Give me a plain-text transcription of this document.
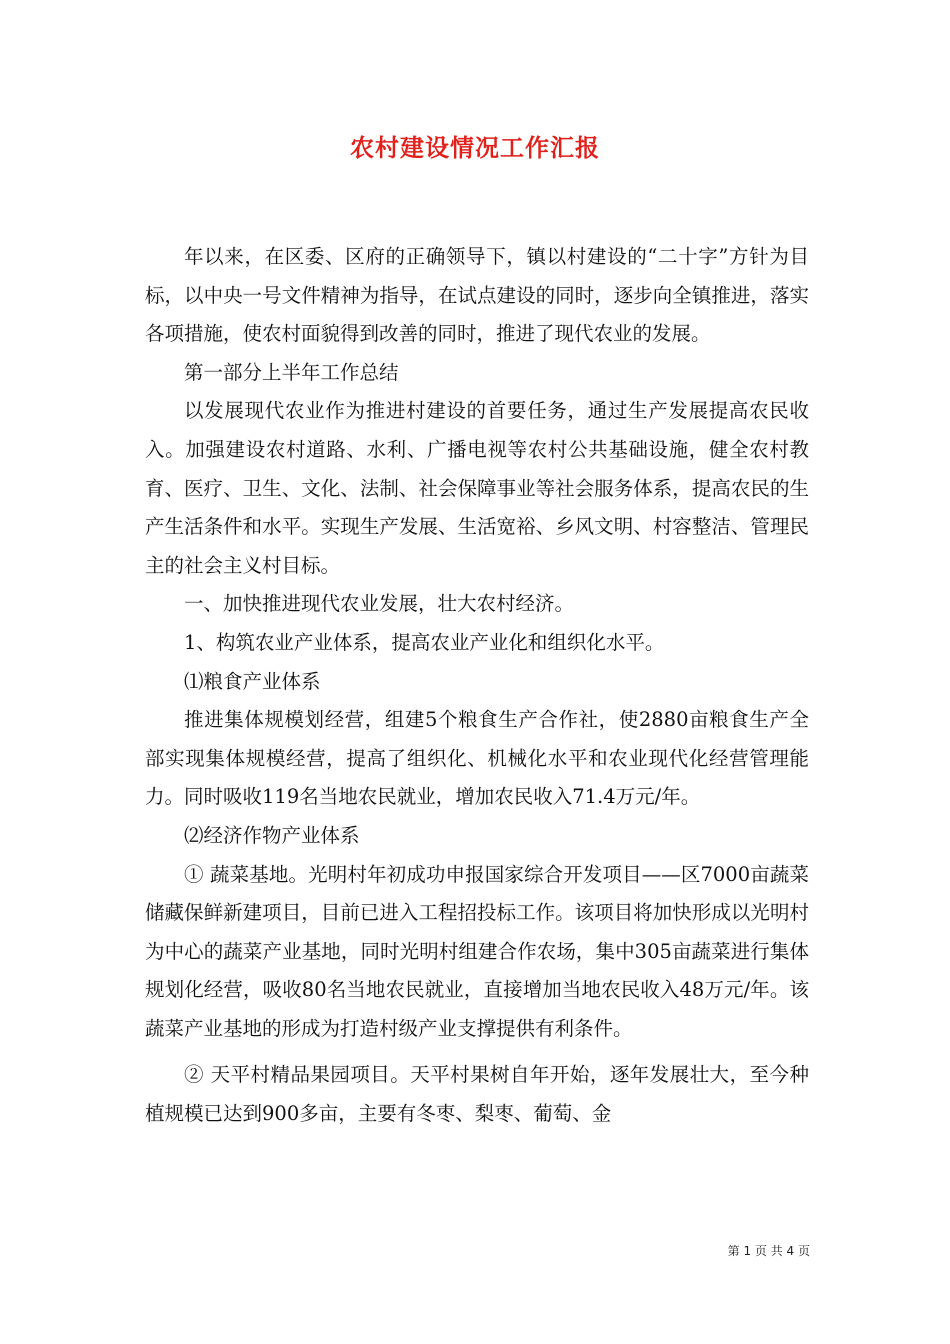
农村建设情况工作汇报

年以来，在区委、区府的正确领导下，镇以村建设的“二十字”方针为目标，以中央一号文件精神为指导，在试点建设的同时，逐步向全镇推进，落实各项措施，使农村面貌得到改善的同时，推进了现代农业的发展。

第一部分上半年工作总结

以发展现代农业作为推进村建设的首要任务，通过生产发展提高农民收入。加强建设农村道路、水利、广播电视等农村公共基础设施，健全农村教育、医疗、卫生、文化、法制、社会保障事业等社会服务体系，提高农民的生产生活条件和水平。实现生产发展、生活宽裕、乡风文明、村容整洁、管理民主的社会主义村目标。

一、加快推进现代农业发展，壮大农村经济。

1、构筑农业产业体系，提高农业产业化和组织化水平。

⑴粮食产业体系

推进集体规模划经营，组建5个粮食生产合作社，使2880亩粮食生产全部实现集体规模经营，提高了组织化、机械化水平和农业现代化经营管理能力。同时吸收119名当地农民就业，增加农民收入71.4万元/年。

⑵经济作物产业体系

① 蔬菜基地。光明村年初成功申报国家综合开发项目——区7000亩蔬菜储藏保鲜新建项目，目前已进入工程招投标工作。该项目将加快形成以光明村为中心的蔬菜产业基地，同时光明村组建合作农场，集中305亩蔬菜进行集体规划化经营，吸收80名当地农民就业，直接增加当地农民收入48万元/年。该蔬菜产业基地的形成为打造村级产业支撑提供有利条件。

② 天平村精品果园项目。天平村果树自年开始，逐年发展壮大，至今种植规模已达到900多亩，主要有冬枣、梨枣、葡萄、金

第 1 页 共 4 页
